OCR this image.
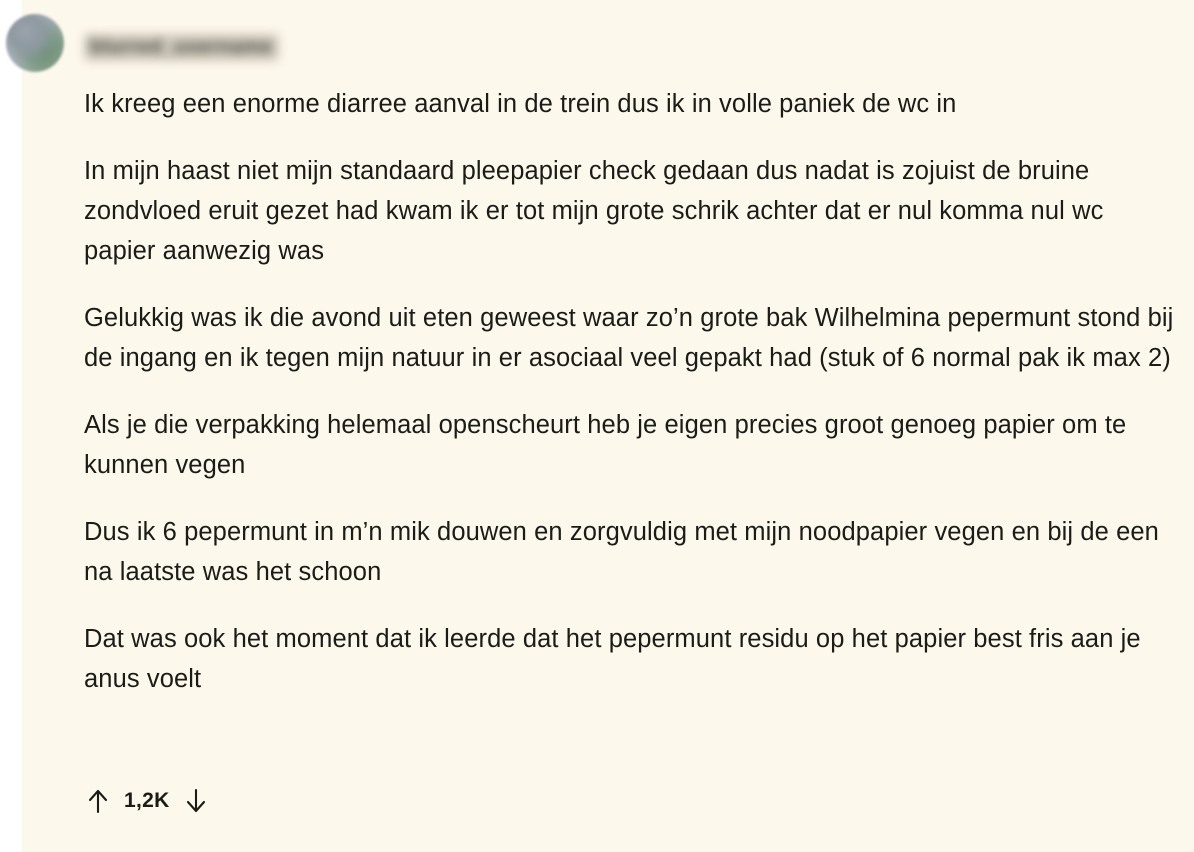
blurred_username

Ik kreeg een enorme diarree aanval in de trein dus ik in volle paniek de wc in

In mijn haast niet mijn standaard pleepapier check gedaan dus nadat is zojuist de bruine zondvloed eruit gezet had kwam ik er tot mijn grote schrik achter dat er nul komma nul wc papier aanwezig was

Gelukkig was ik die avond uit eten geweest waar zo’n grote bak Wilhelmina pepermunt stond bij de ingang en ik tegen mijn natuur in er asociaal veel gepakt had (stuk of 6 normal pak ik max 2)

Als je die verpakking helemaal openscheurt heb je eigen precies groot genoeg papier om te kunnen vegen

Dus ik 6 pepermunt in m’n mik douwen en zorgvuldig met mijn noodpapier vegen en bij de een na laatste was het schoon

Dat was ook het moment dat ik leerde dat het pepermunt residu op het papier best fris aan je anus voelt

1,2K
